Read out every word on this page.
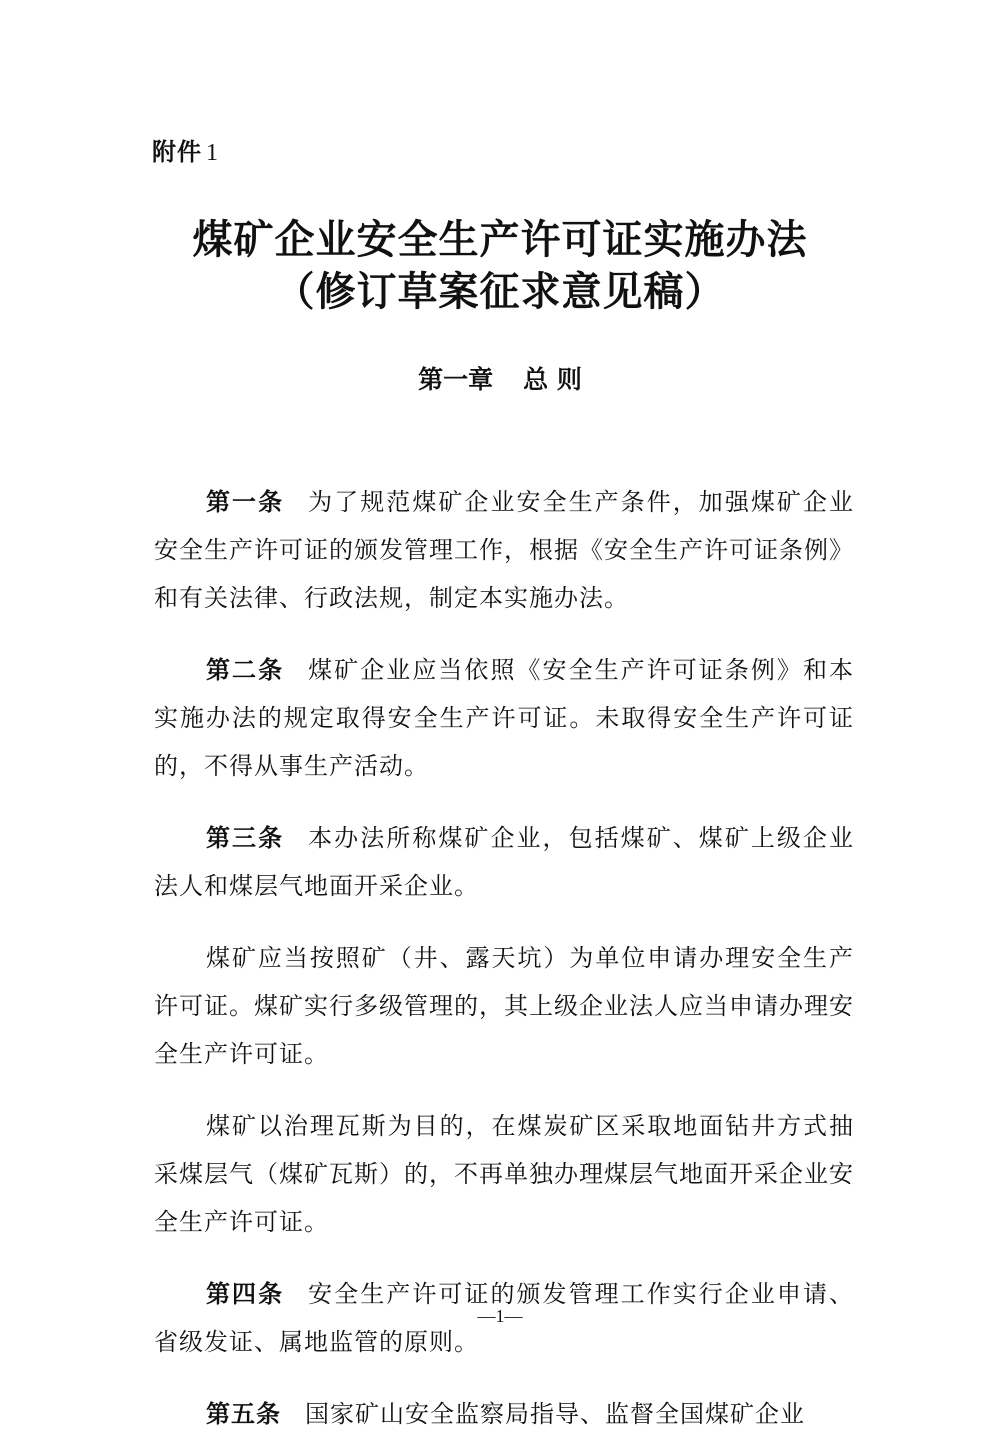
附件 1
煤矿企业安全生产许可证实施办法
（修订草案征求意见稿）
第一章 总 则

第一条 为了规范煤矿企业安全生产条件，加强煤矿企业安全生产许可证的颁发管理工作，根据《安全生产许可证条例》和有关法律、行政法规，制定本实施办法。

第二条 煤矿企业应当依照《安全生产许可证条例》和本实施办法的规定取得安全生产许可证。未取得安全生产许可证的，不得从事生产活动。

第三条 本办法所称煤矿企业，包括煤矿、煤矿上级企业法人和煤层气地面开采企业。

煤矿应当按照矿（井、露天坑）为单位申请办理安全生产许可证。煤矿实行多级管理的，其上级企业法人应当申请办理安全生产许可证。

煤矿以治理瓦斯为目的，在煤炭矿区采取地面钻井方式抽采煤层气（煤矿瓦斯）的，不再单独办理煤层气地面开采企业安全生产许可证。

第四条 安全生产许可证的颁发管理工作实行企业申请、省级发证、属地监管的原则。

第五条 国家矿山安全监察局指导、监督全国煤矿企业

—1—
